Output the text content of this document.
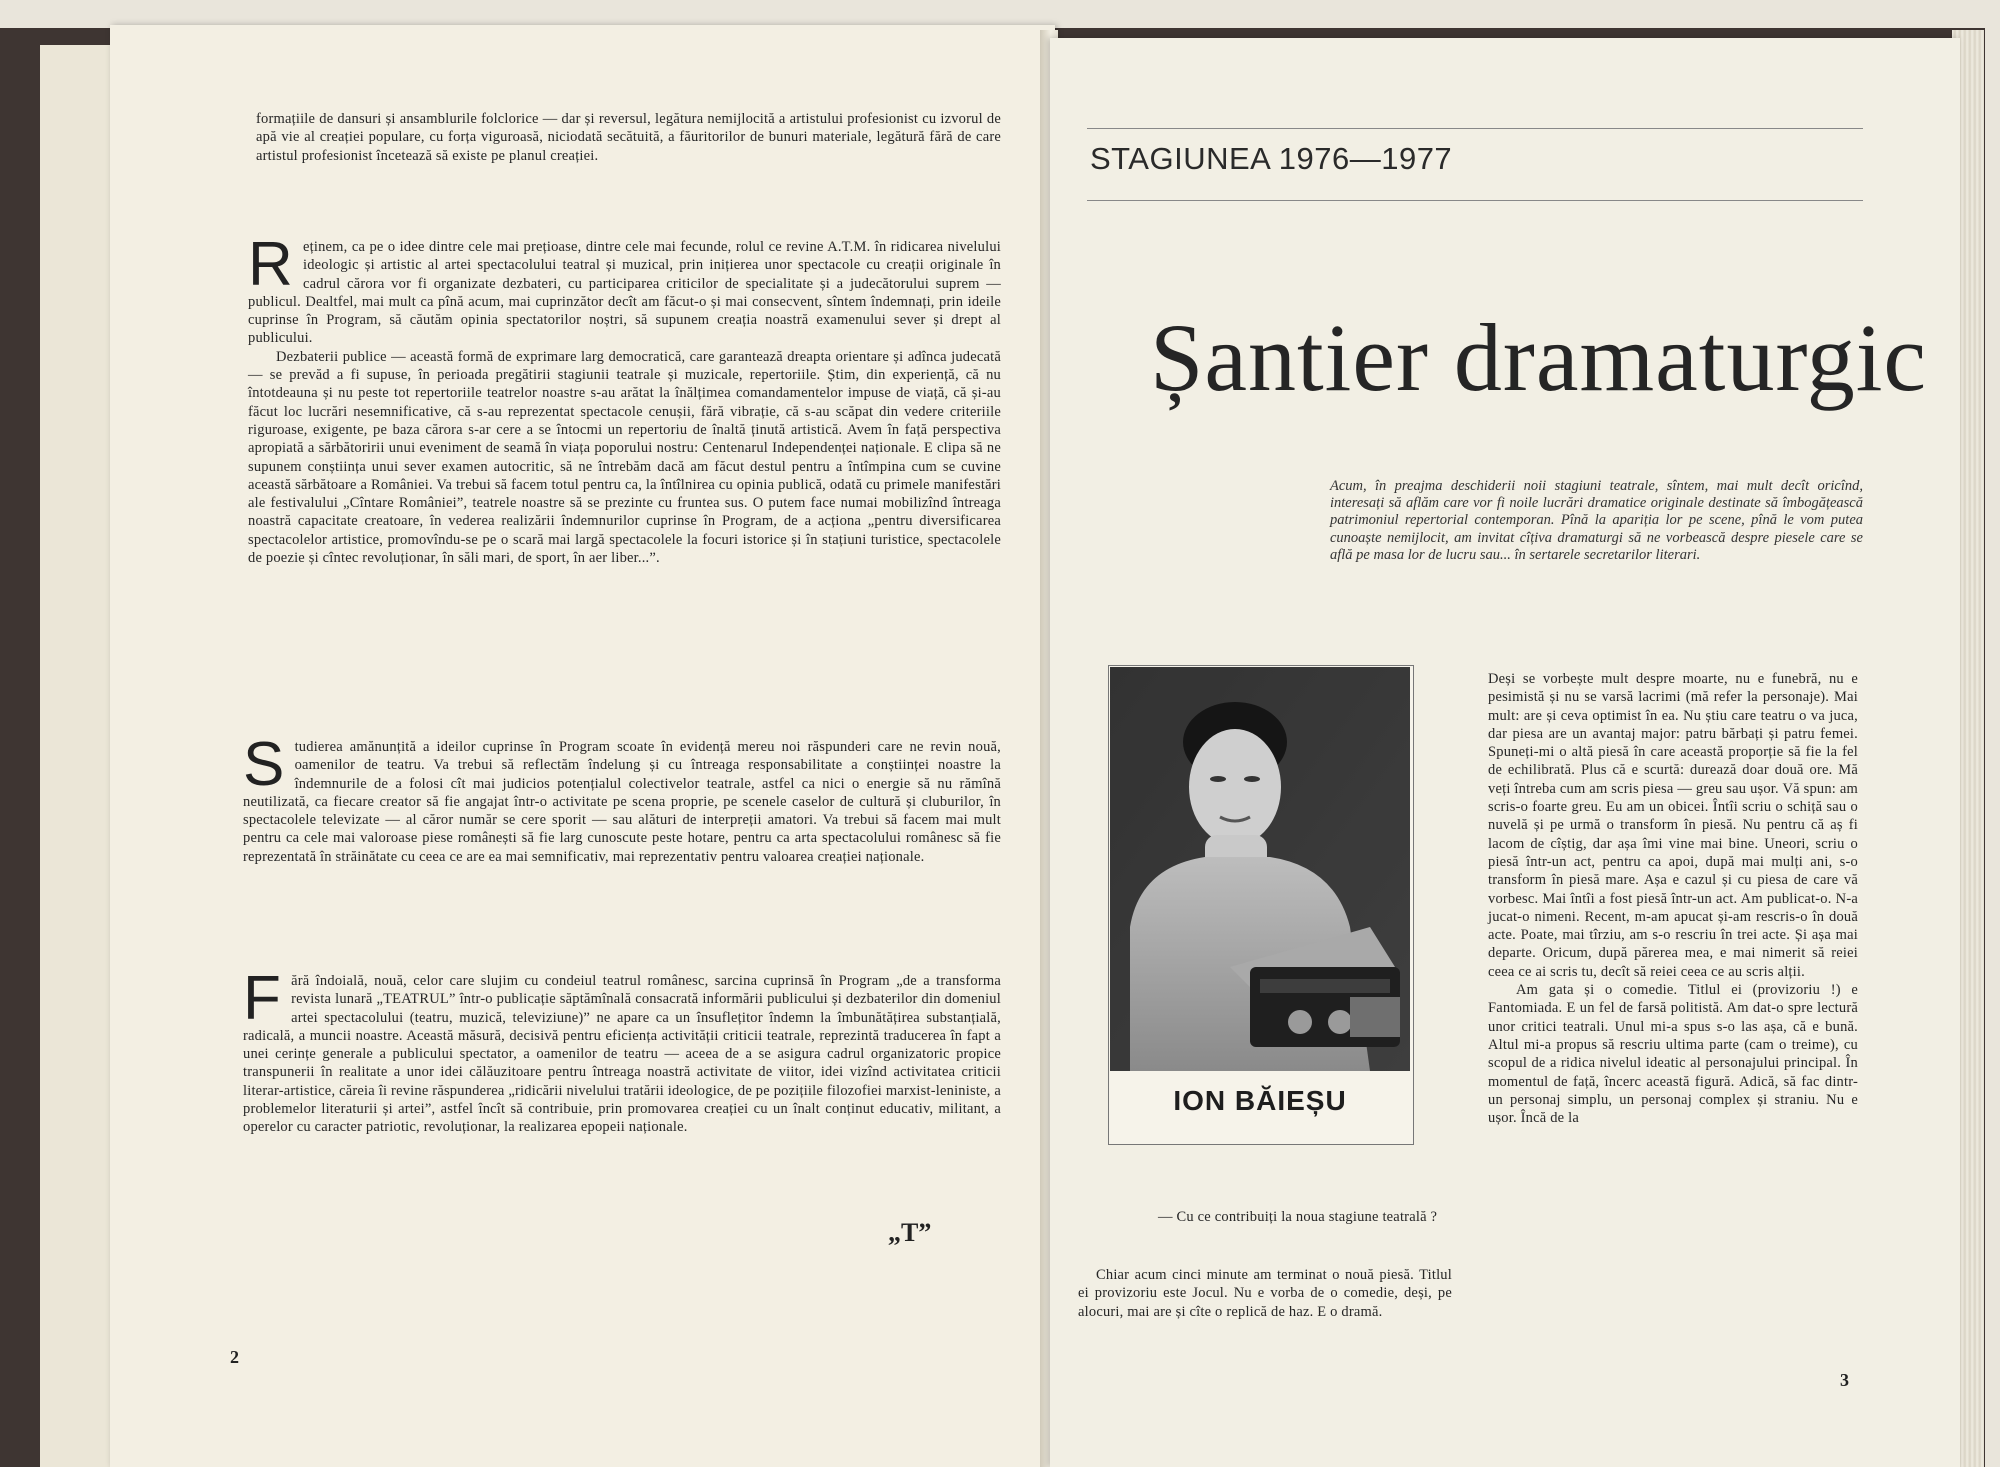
formațiile de dansuri și ansamblurile folclorice — dar și reversul, legătura nemijlocită a artistului profesionist cu izvorul de apă vie al creației populare, cu forța viguroasă, niciodată secătuită, a făuritorilor de bunuri materiale, legătură fără de care artistul profesionist încetează să existe pe planul creației.

R eținem, ca pe o idee dintre cele mai prețioase, dintre cele mai fecunde, rolul ce revine A.T.M. în ridicarea nivelului ideologic și artistic al artei spectacolului teatral și muzical, prin inițierea unor spectacole cu creații originale în cadrul cărora vor fi organizate dezbateri, cu participarea criticilor de specialitate și a judecătorului suprem — publicul. Dealtfel, mai mult ca pînă acum, mai cuprinzător decît am făcut-o și mai consecvent, sîntem îndemnați, prin ideile cuprinse în Program, să căutăm opinia spectatorilor noștri, să supunem creația noastră examenului sever și drept al publicului.

Dezbaterii publice — această formă de exprimare larg democratică, care garantează dreapta orientare și adînca judecată — se prevăd a fi supuse, în perioada pregătirii stagiunii teatrale și muzicale, repertoriile. Știm, din experiență, că nu întotdeauna și nu peste tot repertoriile teatrelor noastre s-au arătat la înălțimea comandamentelor impuse de viață, că și-au făcut loc lucrări nesemnificative, că s-au reprezentat spectacole cenușii, fără vibrație, că s-au scăpat din vedere criteriile riguroase, exigente, pe baza cărora s-ar cere a se întocmi un repertoriu de înaltă ținută artistică. Avem în față perspectiva apropiată a sărbătoririi unui eveniment de seamă în viața poporului nostru: Centenarul Independenței naționale. E clipa să ne supunem conștiința unui sever examen autocritic, să ne întrebăm dacă am făcut destul pentru a întîmpina cum se cuvine această sărbătoare a României. Va trebui să facem totul pentru ca, la întîlnirea cu opinia publică, odată cu primele manifestări ale festivalului „Cîntare României”, teatrele noastre să se prezinte cu fruntea sus. O putem face numai mobilizînd întreaga noastră capacitate creatoare, în vederea realizării îndemnurilor cuprinse în Program, de a acționa „pentru diversificarea spectacolelor artistice, promovîndu-se pe o scară mai largă spectacolele la focuri istorice și în stațiuni turistice, spectacolele de poezie și cîntec revoluționar, în săli mari, de sport, în aer liber...”.

S tudierea amănunțită a ideilor cuprinse în Program scoate în evidență mereu noi răspunderi care ne revin nouă, oamenilor de teatru. Va trebui să reflectăm îndelung și cu întreaga responsabilitate a conștiinței noastre la îndemnurile de a folosi cît mai judicios potențialul colectivelor teatrale, astfel ca nici o energie să nu rămînă neutilizată, ca fiecare creator să fie angajat într-o activitate pe scena proprie, pe scenele caselor de cultură și cluburilor, în spectacolele televizate — al căror număr se cere sporit — sau alături de interpreții amatori. Va trebui să facem mai mult pentru ca cele mai valoroase piese românești să fie larg cunoscute peste hotare, pentru ca arta spectacolului românesc să fie reprezentată în străinătate cu ceea ce are ea mai semnificativ, mai reprezentativ pentru valoarea creației naționale.

F ără îndoială, nouă, celor care slujim cu condeiul teatrul românesc, sarcina cuprinsă în Program „de a transforma revista lunară „TEATRUL” într-o publicație săptămînală consacrată informării publicului și dezbaterilor din domeniul artei spectacolului (teatru, muzică, televiziune)” ne apare ca un însuflețitor îndemn la îmbunătățirea substanțială, radicală, a muncii noastre. Această măsură, decisivă pentru eficiența activității criticii teatrale, reprezintă traducerea în fapt a unei cerințe generale a publicului spectator, a oamenilor de teatru — aceea de a se asigura cadrul organizatoric propice transpunerii în realitate a unor idei călăuzitoare pentru întreaga noastră activitate de viitor, idei vizînd activitatea criticii literar-artistice, căreia îi revine răspunderea „ridicării nivelului tratării ideologice, de pe pozițiile filozofiei marxist-leniniste, a problemelor literaturii și artei”, astfel încît să contribuie, prin promovarea creației cu un înalt conținut educativ, militant, a operelor cu caracter patriotic, revoluționar, la realizarea epopeii naționale.

„T”
2
STAGIUNEA 1976—1977
Șantier dramaturgic

Acum, în preajma deschiderii noii stagiuni teatrale, sîntem, mai mult decît oricînd, interesați să aflăm care vor fi noile lucrări dramatice originale destinate să îmbogățească patrimoniul repertorial contemporan. Pînă la apariția lor pe scene, pînă le vom putea cunoaște nemijlocit, am invitat cîțiva dramaturgi să ne vorbească despre piesele care se află pe masa lor de lucru sau... în sertarele secretarilor literari.

ION BĂIEȘU

— Cu ce contribuiți la noua stagiune teatrală ?

Chiar acum cinci minute am terminat o nouă piesă. Titlul ei provizoriu este Jocul. Nu e vorba de o comedie, deși, pe alocuri, mai are și cîte o replică de haz. E o dramă.

Deși se vorbește mult despre moarte, nu e funebră, nu e pesimistă și nu se varsă lacrimi (mă refer la personaje). Mai mult: are și ceva optimist în ea. Nu știu care teatru o va juca, dar piesa are un avantaj major: patru bărbați și patru femei. Spuneți-mi o altă piesă în care această proporție să fie la fel de echilibrată. Plus că e scurtă: durează doar două ore. Mă veți întreba cum am scris piesa — greu sau ușor. Vă spun: am scris-o foarte greu. Eu am un obicei. Întîi scriu o schiță sau o nuvelă și pe urmă o transform în piesă. Nu pentru că aș fi lacom de cîștig, dar așa îmi vine mai bine. Uneori, scriu o piesă într-un act, pentru ca apoi, după mai mulți ani, s-o transform în piesă mare. Așa e cazul și cu piesa de care vă vorbesc. Mai întîi a fost piesă într-un act. Am publicat-o. N-a jucat-o nimeni. Recent, m-am apucat și-am rescris-o în două acte. Poate, mai tîrziu, am s-o rescriu în trei acte. Și așa mai departe. Oricum, după părerea mea, e mai nimerit să reiei ceea ce ai scris tu, decît să reiei ceea ce au scris alții.

Am gata și o comedie. Titlul ei (provizoriu !) e Fantomiada. E un fel de farsă politistă. Am dat-o spre lectură unor critici teatrali. Unul mi-a spus s-o las așa, că e bună. Altul mi-a propus să rescriu ultima parte (cam o treime), cu scopul de a ridica nivelul ideatic al personajului principal. În momentul de față, încerc această figură. Adică, să fac dintr-un personaj simplu, un personaj complex și straniu. Nu e ușor. Încă de la

3
